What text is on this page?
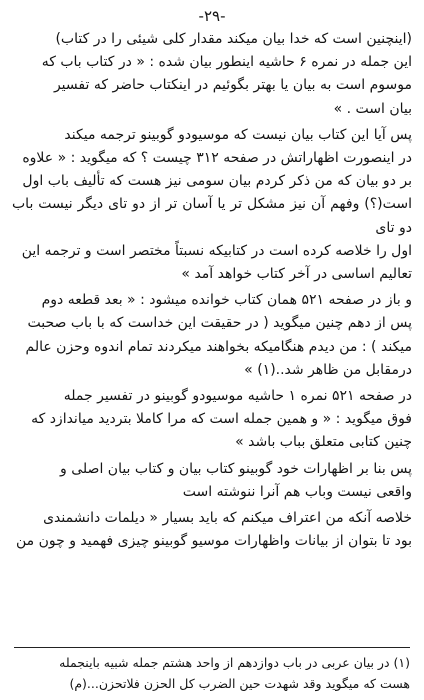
-۲۹-

(اینچنین است که خدا بیان میکند مقدار کلی شیئی را در کتاب)

این جمله در نمره ۶ حاشیه اینطور بیان شده : « در کتاب باب که

موسوم است به بیان یا بهتر بگوئیم در اینکتاب حاضر که تفسیر

بیان است . »

پس آیا این کتاب بیان نیست که موسیودو گوبینو ترجمه میکند

در اینصورت اظهاراتش در صفحه ۳۱۲ چیست ؟ که میگوید : « علاوه

بر دو بیان که من ذکر کردم بیان سومی نیز هست که تألیف باب اول

است(؟) وفهم آن نیز مشکل تر یا آسان تر از دو تای دیگر نیست باب دو تای

اول را خلاصه کرده است در کتابیکه نسبتاً مختصر است و ترجمه این

تعالیم اساسی در آخر کتاب خواهد آمد »

و باز در صفحه ۵۲۱ همان کتاب خوانده میشود : « بعد قطعه دوم

پس از دهم چنین میگوید ( در حقیقت این خداست که با باب صحبت

میکند ) : من دیدم هنگامیکه بخواهند میکردند تمام اندوه وحزن عالم

درمقابل من ظاهر شد..(۱) »

در صفحه ۵۲۱ نمره ۱ حاشیه موسیودو گوبینو در تفسیر جمله

فوق میگوید : « و همین جمله است که مرا کاملا بتردید میاندازد که

چنین کتابی متعلق بباب باشد »

پس بنا بر اظهارات خود گوبینو کتاب بیان و کتاب بیان اصلی و

واقعی نیست وباب هم آنرا ننوشته است

خلاصه آنکه من اعتراف میکنم که باید بسیار « دیلمات دانشمندی

بود تا بتوان از بیانات واظهارات موسیو گوبینو چیزی فهمید و چون من

(۱) در بیان عربی در باب دوازدهم از واحد هشتم جمله شبیه باینجمله

هست که میگوید وقد شهدت حین الضرب کل الحزن فلاتحزن...(م)
